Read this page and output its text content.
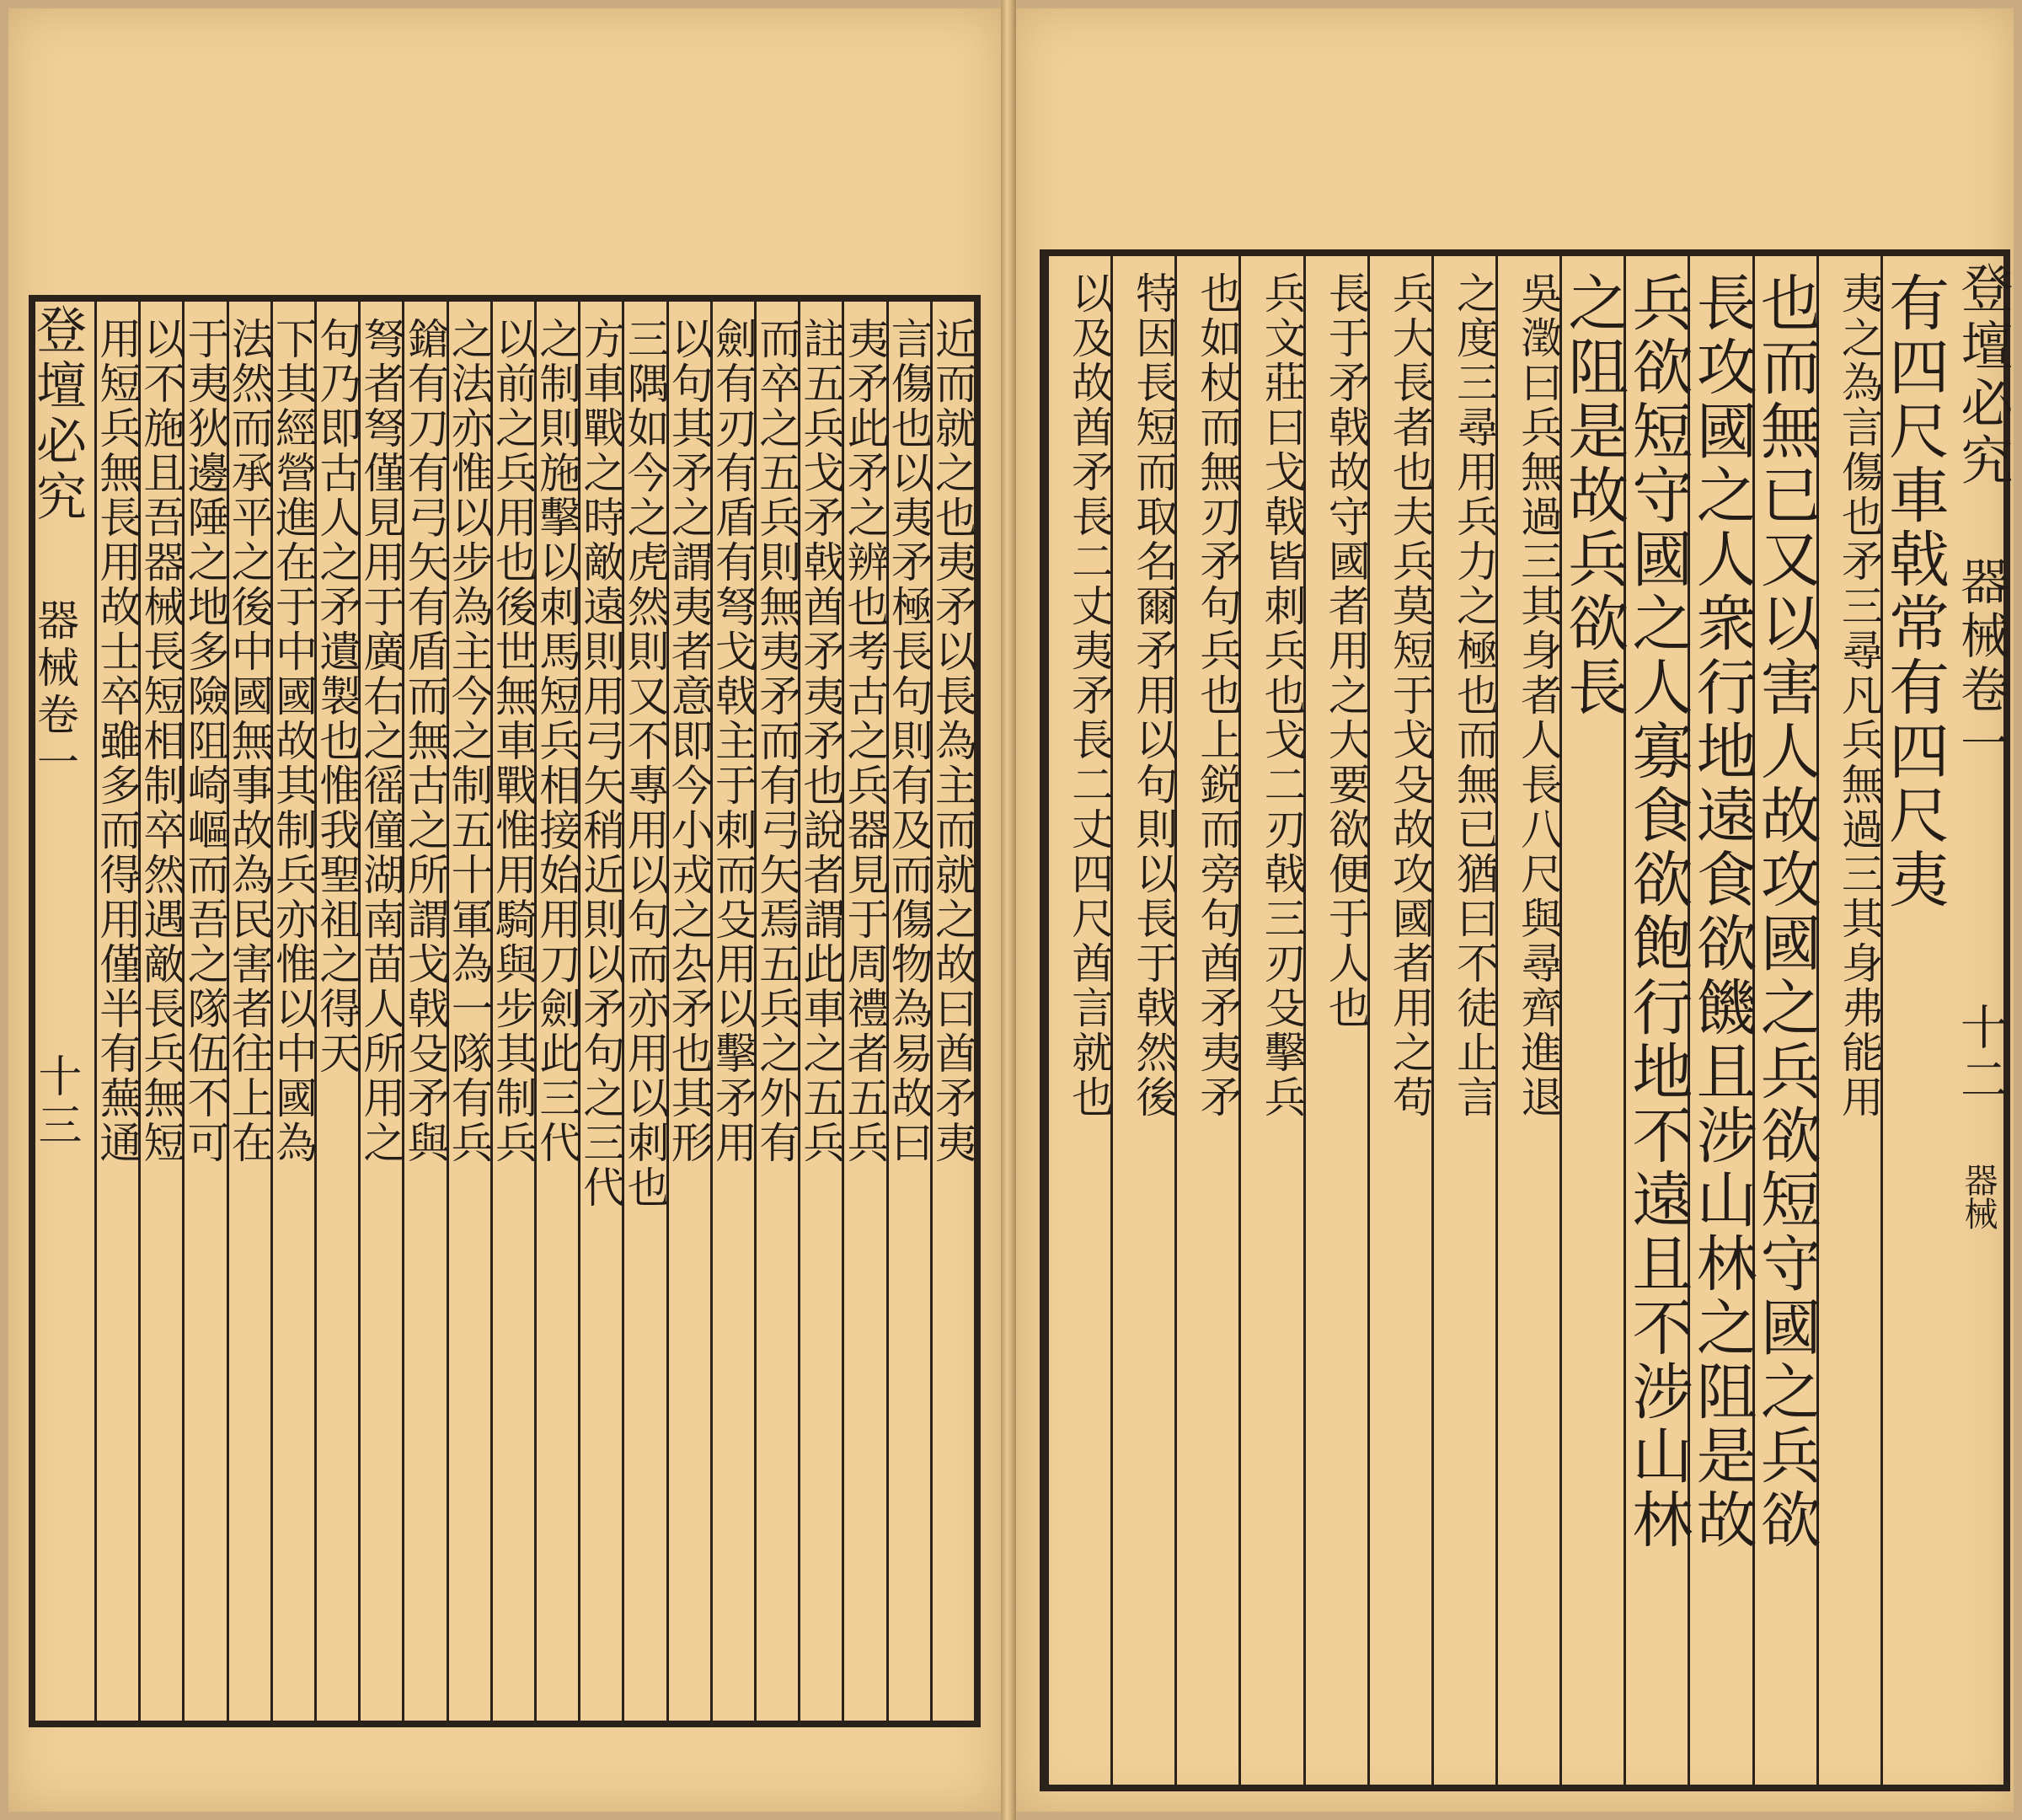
有四尺車戟常有四尺夷
夷之為言傷也矛三尋凡兵無過三其身弗能用
也而無已又以害人故攻國之兵欲短守國之兵欲
長攻國之人衆行地遠食欲饑且涉山林之阻是故
兵欲短守國之人寡食欲飽行地不遠且不涉山林
之阻是故兵欲長
吳澂曰兵無過三其身者人長八尺與尋齊進退
之度三尋用兵力之極也而無已猶曰不徒止言
兵大長者也夫兵莫短于戈殳故攻國者用之苟
長于矛戟故守國者用之大要欲便于人也
兵文莊曰戈戟皆刺兵也戈二刃戟三刃殳擊兵
也如杖而無刃矛句兵也上鋭而旁句酋矛夷矛
特因長短而取名爾矛用以句則以長于戟然後
以及故酋矛長二丈夷矛長二丈四尺酋言就也	登壇必究
器械卷一
十二
器械
近而就之也夷矛以長為主而就之故曰酋矛夷
言傷也以夷矛極長句則有及而傷物為易故曰
夷矛此矛之辨也考古之兵器見于周禮者五兵
註五兵戈矛戟酋矛夷矛也說者謂此車之五兵
而卒之五兵則無夷矛而有弓矢焉五兵之外有
劍有刃有盾有弩戈戟主于刺而殳用以擊矛用
以句其矛之謂夷者意即今小戎之厹矛也其形
三隅如今之虎然則又不專用以句而亦用以刺也
方車戰之時敵遠則用弓矢稍近則以矛句之三代
之制則施擊以刺馬短兵相接始用刀劍此三代
以前之兵用也後世無車戰惟用騎與步其制兵
之法亦惟以步為主今之制五十軍為一隊有兵
鎗有刀有弓矢有盾而無古之所謂戈戟殳矛與
弩者弩僅見用于廣右之徭僮湖南苗人所用之
句乃即古人之矛遺製也惟我聖祖之得天
下其經營進在于中國故其制兵亦惟以中國為
法然而承平之後中國無事故為民害者往上在
于夷狄邊陲之地多險阻崎嶇而吾之隊伍不可
以不施且吾器械長短相制卒然遇敵長兵無短
用短兵無長用故士卒雖多而得用僅半有蕪通
登壇必究
器械卷一
十三
